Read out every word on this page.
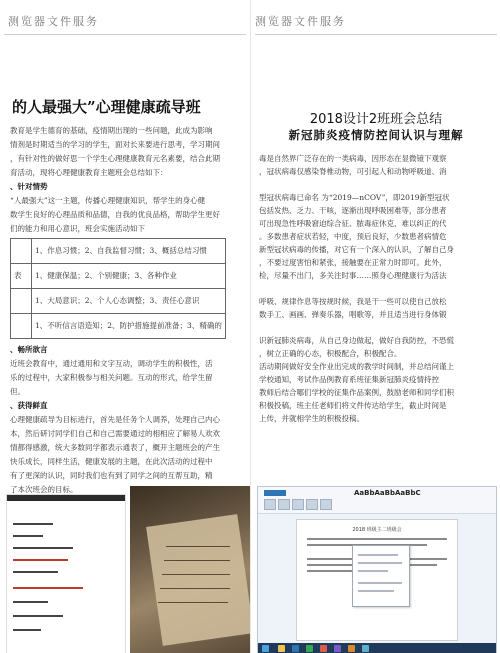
测览器文件服务
的人最强大”心理健康疏导班

教育是学生德育的基础，疫情期出现的一些问题，此成为影响

情剂是时期适当的学习的学生，面对长来要进行思考，学习期间

，有针对性的做好思一个学生心理健康教育元名素要，结合此期

育活动，现将心理健康教育主题班会总结如下：

、针对情势

“人最强大”这一主题，传播心理健康知识，帮学生的身心健

数学生良好的心理品质和品德，自我的优良品格，帮助学生更好

们的能力和用心意识，班会实施活动如下

	1、作息习惯；2、自我监督习惯；3、概括总结习惯
表	1、健康保温；2、个别健康；3、各种作业
	1、大局意识；2、个人心态调整；3、责任心意识
	1、不听信言语造知；2、防护措施提前准备；3、精确的

、畅所欲言

近班会教育中，通过通用和文字互动，调动学生的积极性，活

乐的过程中，大家积极参与相关问题。互动的形式，给学生留

但。

、获得鲜直

心理健康疏导为目标进行，首先是任务个人调养，处理自己内心

本，然后研讨同学们自己和自己需要通过的相相应了解易人欢欢

情都得感激，统大多数同学都表示通表了，概开主题班会的产生

快乐成长，同样生活，健康发展的主题，在此次活动的过程中

有了更深的认识，同时我们也有到了同学之间的互帮互助，精

了本次班会的目标。

测览器文件服务
2018设计2班班会总结
新冠肺炎疫情防控间认识与理解

毒是自然界广泛存在的一类病毒，因形态在显微镜下观察

，冠状病毒仅感染脊椎动物，可引起人和动物呼吸道、消

型冠状病毒已命名 为“2019—nCOV”，即2019新型冠状

包括发热、乏力、干咳，逐渐出现呼吸困难等，部分患者

可出现急性呼吸窘迫综合征、脓毒症休克、难以纠正的代

。多数患者症状若轻，中度，预后良好，少数患者病情危

新型冠状病毒的传播，对它有一个深入的认识，了解自己身

，不要过度害怕和紧张，接触要在正常力时即可。此外，

检，尽量不出门，多关注时事……照身心理健康行为活法

呼吸、规律作息等按规时候，我是干一些可以使自己放松

数手工、画画、弹奏乐器，唱歌等，并且适当进行身体锻

识新冠肺炎病毒，从自己身边做起，做好自我防控，不恐慌

，树立正确的心态，积极配合，积极配合。

活动期间做好安全作业出完成的教学时间制，并总结问谨上

学校通知，考试作品例教育系班征集新冠肺炎疫情持控

教师后结合哪们学校的征集作品案例，鼓励老师和同学们积

积极投稿，班主任老师们将文件传达给学生，截止时间是

上传，并就相学生的积极投稿。

AaBbAaBbAaBbC
2018 班级主二班级会
